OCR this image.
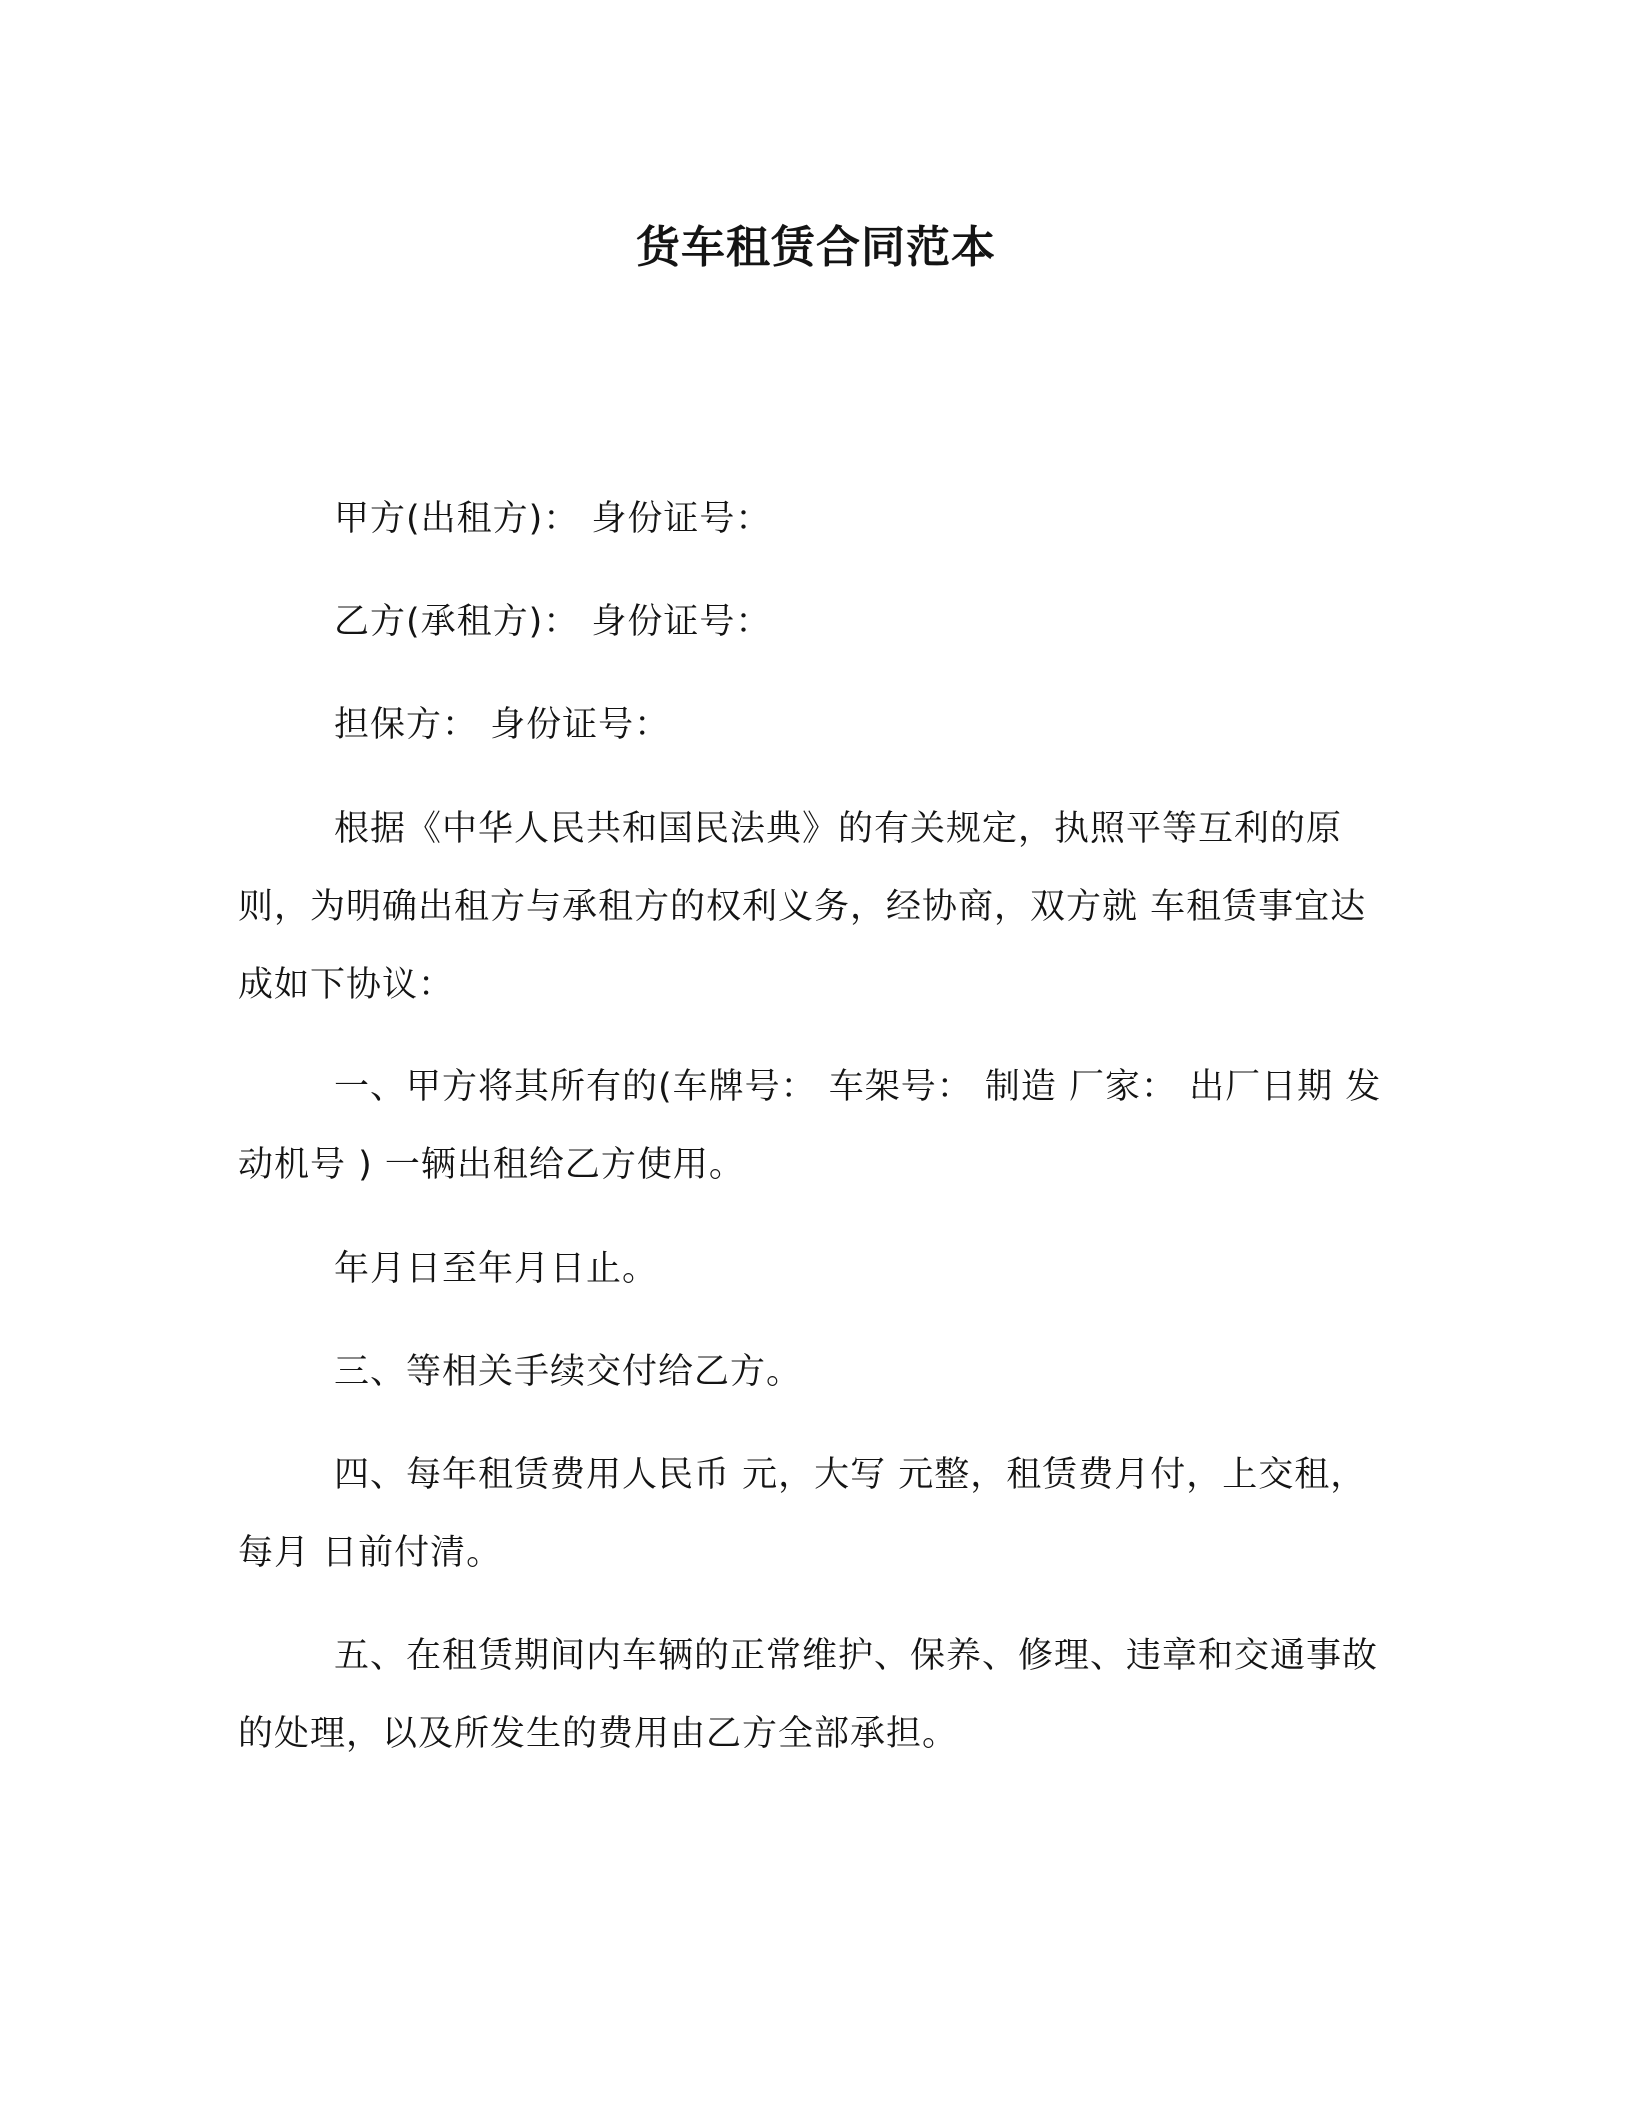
货车租赁合同范本

甲方(出租方)： 身份证号：

乙方(承租方)： 身份证号：

担保方： 身份证号：

根据《中华人民共和国民法典》的有关规定，执照平等互利的原则，为明确出租方与承租方的权利义务，经协商，双方就 车租赁事宜达成如下协议：

一、甲方将其所有的(车牌号： 车架号： 制造 厂家： 出厂日期 发动机号 ) 一辆出租给乙方使用。

年月日至年月日止。

三、等相关手续交付给乙方。

四、每年租赁费用人民币 元，大写 元整，租赁费月付，上交租，每月 日前付清。

五、在租赁期间内车辆的正常维护、保养、修理、违章和交通事故的处理，以及所发生的费用由乙方全部承担。
